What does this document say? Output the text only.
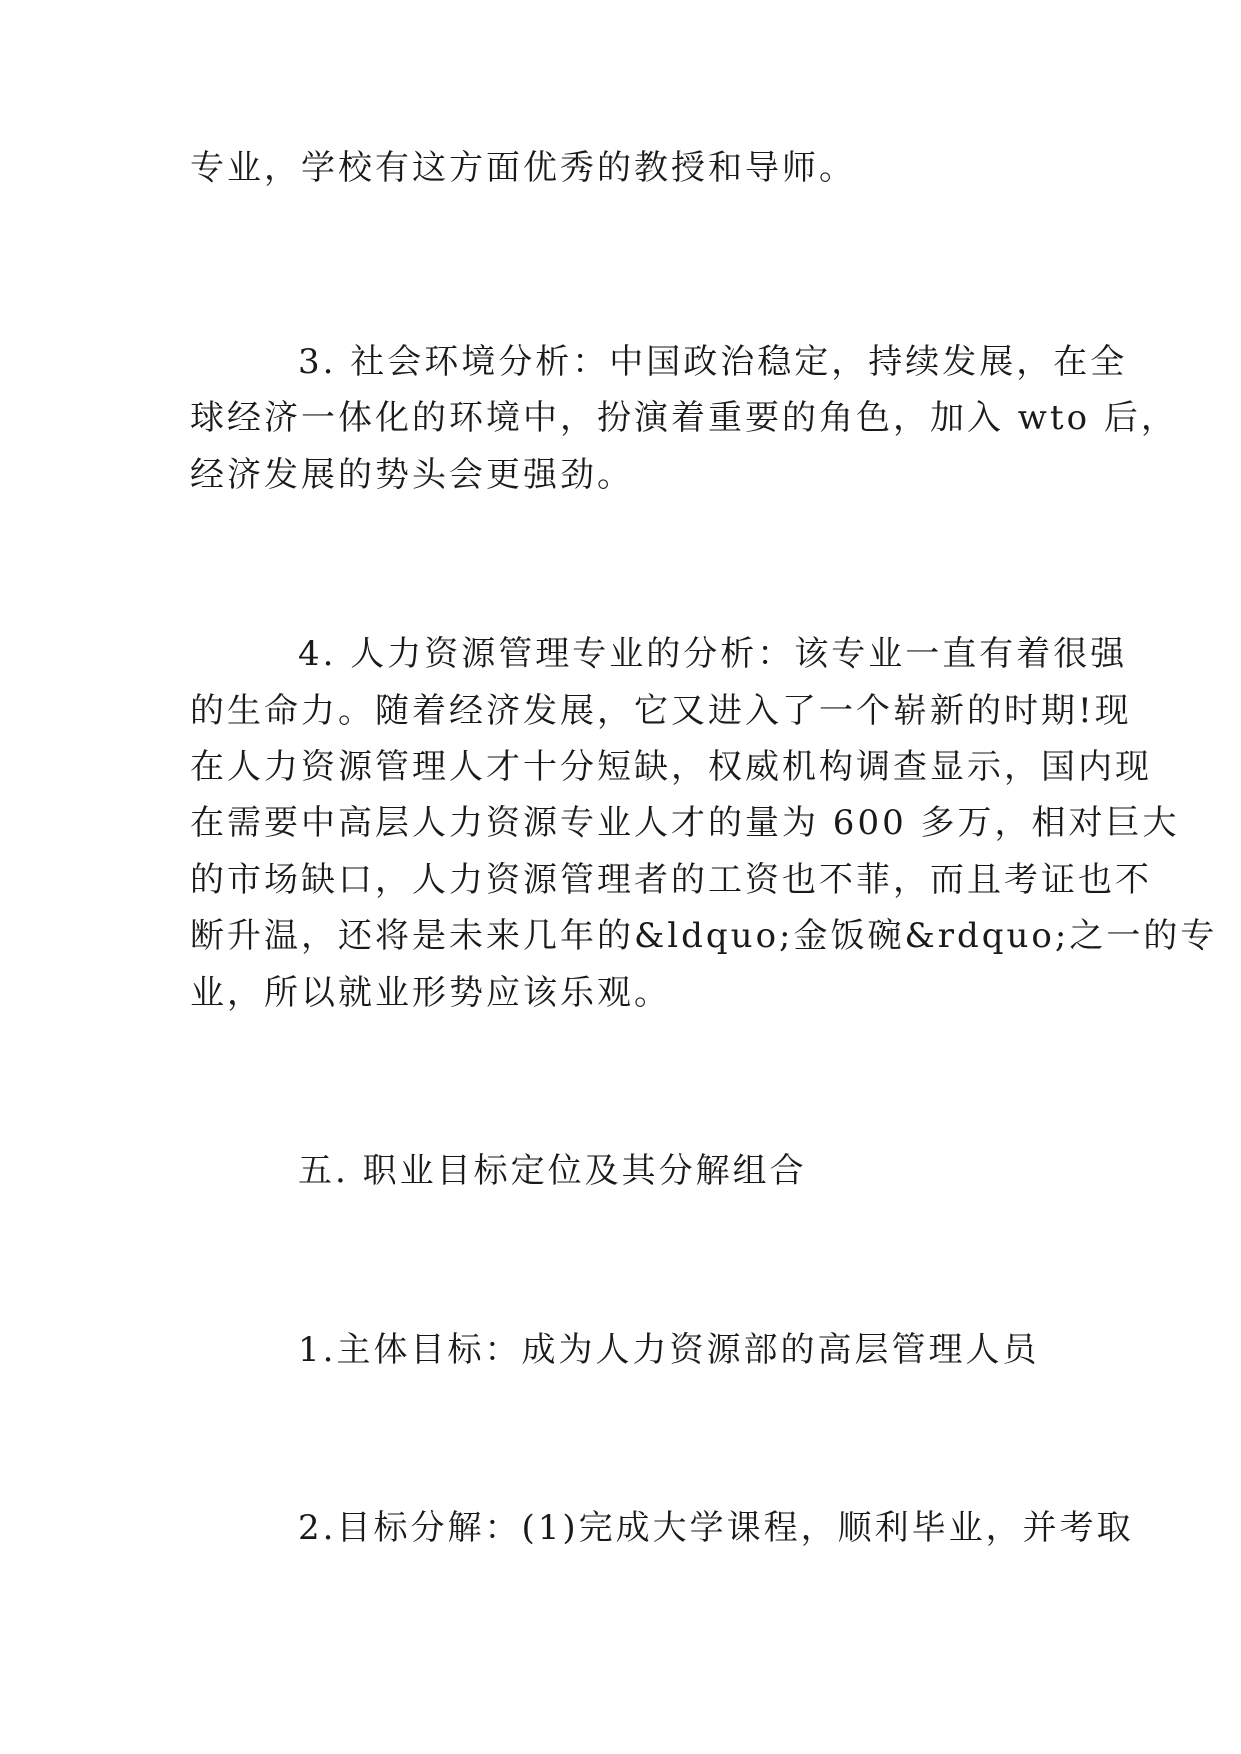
专业，学校有这方面优秀的教授和导师。
3. 社会环境分析：中国政治稳定，持续发展，在全
球经济一体化的环境中，扮演着重要的角色，加入 wto 后，
经济发展的势头会更强劲。
4. 人力资源管理专业的分析：该专业一直有着很强
的生命力。随着经济发展，它又进入了一个崭新的时期!现
在人力资源管理人才十分短缺，权威机构调查显示，国内现
在需要中高层人力资源专业人才的量为 600 多万，相对巨大
的市场缺口，人力资源管理者的工资也不菲，而且考证也不
断升温，还将是未来几年的&ldquo;金饭碗&rdquo;之一的专
业，所以就业形势应该乐观。
五. 职业目标定位及其分解组合
1.主体目标：成为人力资源部的高层管理人员
2.目标分解：(1)完成大学课程，顺利毕业，并考取
